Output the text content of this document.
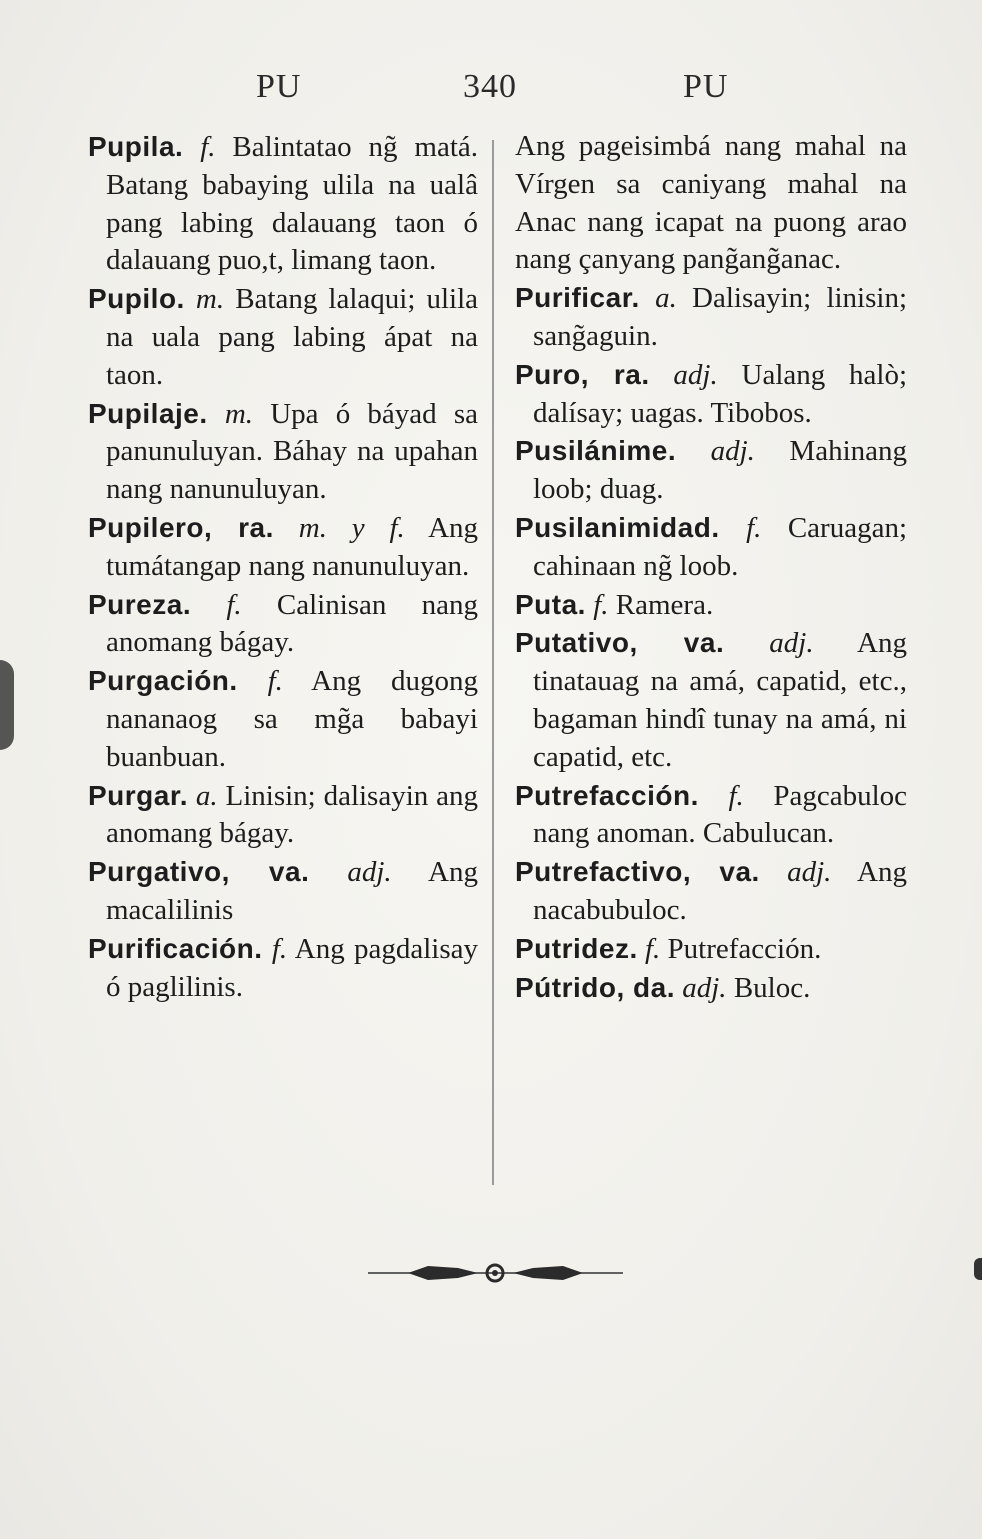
PU	340	PU

Pupila. f. Balintatao ng̃ matá. Batang babaying ulila na ualâ pang labing dalauang taon ó dalauang puo,t, limang taon.

Pupilo. m. Batang lalaqui; ulila na uala pang labing ápat na taon.

Pupilaje. m. Upa ó báyad sa panunuluyan. Báhay na upahan nang nanunuluyan.

Pupilero, ra. m. y f. Ang tumátangap nang nanunuluyan.

Pureza. f. Calinisan nang anomang bágay.

Purgación. f. Ang dugong nananaog sa mg̃a babayi buanbuan.

Purgar. a. Linisin; dalisayin ang anomang bágay.

Purgativo, va. adj. Ang macalilinis

Purificación. f. Ang pagdalisay ó paglilinis.

Ang pageisimbá nang mahal na Vírgen sa caniyang mahal na Anac nang icapat na puong arao nang çanyang pang̃ang̃anac.

Purificar. a. Dalisayin; linisin; sang̃aguin.

Puro, ra. adj. Ualang halò; dalísay; uagas. Tibobos.

Pusilánime. adj. Mahinang loob; duag.

Pusilanimidad. f. Caruagan; cahinaan ng̃ loob.

Puta. f. Ramera.

Putativo, va. adj. Ang tinatauag na amá, capatid, etc., bagaman hindî tunay na amá, ni capatid, etc.

Putrefacción. f. Pagcabuloc nang anoman. Cabulucan.

Putrefactivo, va. adj. Ang nacabubuloc.

Putridez. f. Putrefacción.

Pútrido, da. adj. Buloc.
